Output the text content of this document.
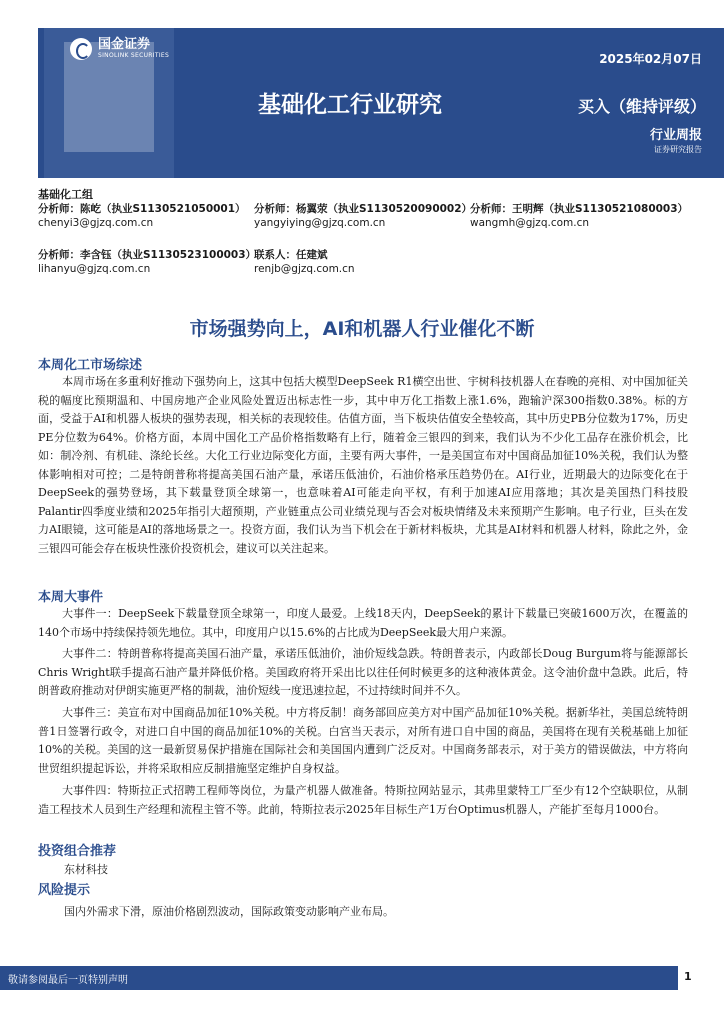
国金证券
SINOLINK SECURITIES	2025年02月07日
基础化工行业研究	买入（维持评级）
行业周报
证券研究报告
基础化工组
分析师：陈屹（执业S1130521050001）
chenyi3@gjzq.com.cn
分析师：杨翼荥（执业S1130520090002）
yangyiying@gjzq.com.cn
分析师：王明辉（执业S1130521080003）
wangmh@gjzq.com.cn
分析师：李含钰（执业S1130523100003）
lihanyu@gjzq.com.cn
联系人：任建斌
renjb@gjzq.com.cn
市场强势向上，AI和机器人行业催化不断
本周化工市场综述
本周市场在多重利好推动下强势向上，这其中包括大模型DeepSeek R1横空出世、宇树科技机器人在春晚的亮相、对中国加征关税的幅度比预期温和、中国房地产企业风险处置迈出标志性一步，其中申万化工指数上涨1.6%，跑输沪深300指数0.38%。标的方面，受益于AI和机器人板块的强势表现，相关标的表现较佳。估值方面，当下板块估值安全垫较高，其中历史PB分位数为17%，历史PE分位数为64%。价格方面，本周中国化工产品价格指数略有上行，随着金三银四的到来，我们认为不少化工品存在涨价机会，比如：制冷剂、有机硅、涤纶长丝。大化工行业边际变化方面，主要有两大事件，一是美国宣布对中国商品加征10%关税，我们认为整体影响相对可控；二是特朗普称将提高美国石油产量，承诺压低油价，石油价格承压趋势仍在。AI行业，近期最大的边际变化在于DeepSeek的强势登场，其下载量登顶全球第一，也意味着AI可能走向平权，有利于加速AI应用落地；其次是美国热门科技股Palantir四季度业绩和2025年指引大超预期，产业链重点公司业绩兑现与否会对板块情绪及未来预期产生影响。电子行业，巨头在发力AI眼镜，这可能是AI的落地场景之一。投资方面，我们认为当下机会在于新材料板块，尤其是AI材料和机器人材料，除此之外，金三银四可能会存在板块性涨价投资机会，建议可以关注起来。
本周大事件
大事件一：DeepSeek下载量登顶全球第一，印度人最爱。上线18天内，DeepSeek的累计下载量已突破1600万次，在覆盖的140个市场中持续保持领先地位。其中，印度用户以15.6%的占比成为DeepSeek最大用户来源。
大事件二：特朗普称将提高美国石油产量，承诺压低油价，油价短线急跌。特朗普表示，内政部长Doug Burgum将与能源部长Chris Wright联手提高石油产量并降低价格。美国政府将开采出比以往任何时候更多的这种液体黄金。这令油价盘中急跌。此后，特朗普政府推动对伊朗实施更严格的制裁，油价短线一度迅速拉起，不过持续时间并不久。
大事件三：美宣布对中国商品加征10%关税。中方将反制！商务部回应美方对中国产品加征10%关税。据新华社，美国总统特朗普1日签署行政令，对进口自中国的商品加征10%的关税。白宫当天表示，对所有进口自中国的商品，美国将在现有关税基础上加征10%的关税。美国的这一最新贸易保护措施在国际社会和美国国内遭到广泛反对。中国商务部表示，对于美方的错误做法，中方将向世贸组织提起诉讼，并将采取相应反制措施坚定维护自身权益。
大事件四：特斯拉正式招聘工程师等岗位，为量产机器人做准备。特斯拉网站显示，其弗里蒙特工厂至少有12个空缺职位，从制造工程技术人员到生产经理和流程主管不等。此前，特斯拉表示2025年目标生产1万台Optimus机器人，产能扩至每月1000台。
投资组合推荐
东材科技
风险提示
国内外需求下滑，原油价格剧烈波动，国际政策变动影响产业布局。
敬请参阅最后一页特别声明	1
